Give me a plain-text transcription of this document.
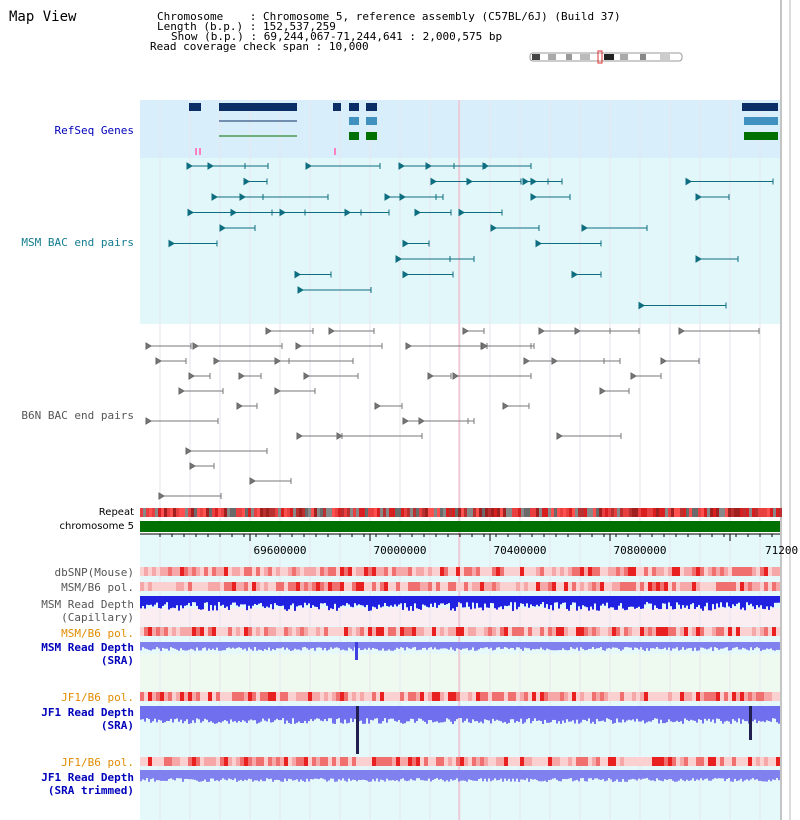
Map View	Chromosome    : Chromosome 5, reference assembly (C57BL/6J) (Build 37)
Length (b.p.) : 152,537,259
Show (b.p.) : 69,244,067-71,244,641 : 2,000,575 bp
Read coverage check span : 10,000
69600000	70000000	70400000	70800000	71200
RefSeq Genes
MSM BAC end pairs
B6N BAC end pairs
Repeat
chromosome 5
dbSNP(Mouse)
MSM/B6 pol.
MSM Read Depth
(Capillary)
MSM/B6 pol.
MSM Read Depth
(SRA)
JF1/B6 pol.
JF1 Read Depth
(SRA)
JF1/B6 pol.
JF1 Read Depth
(SRA trimmed)
